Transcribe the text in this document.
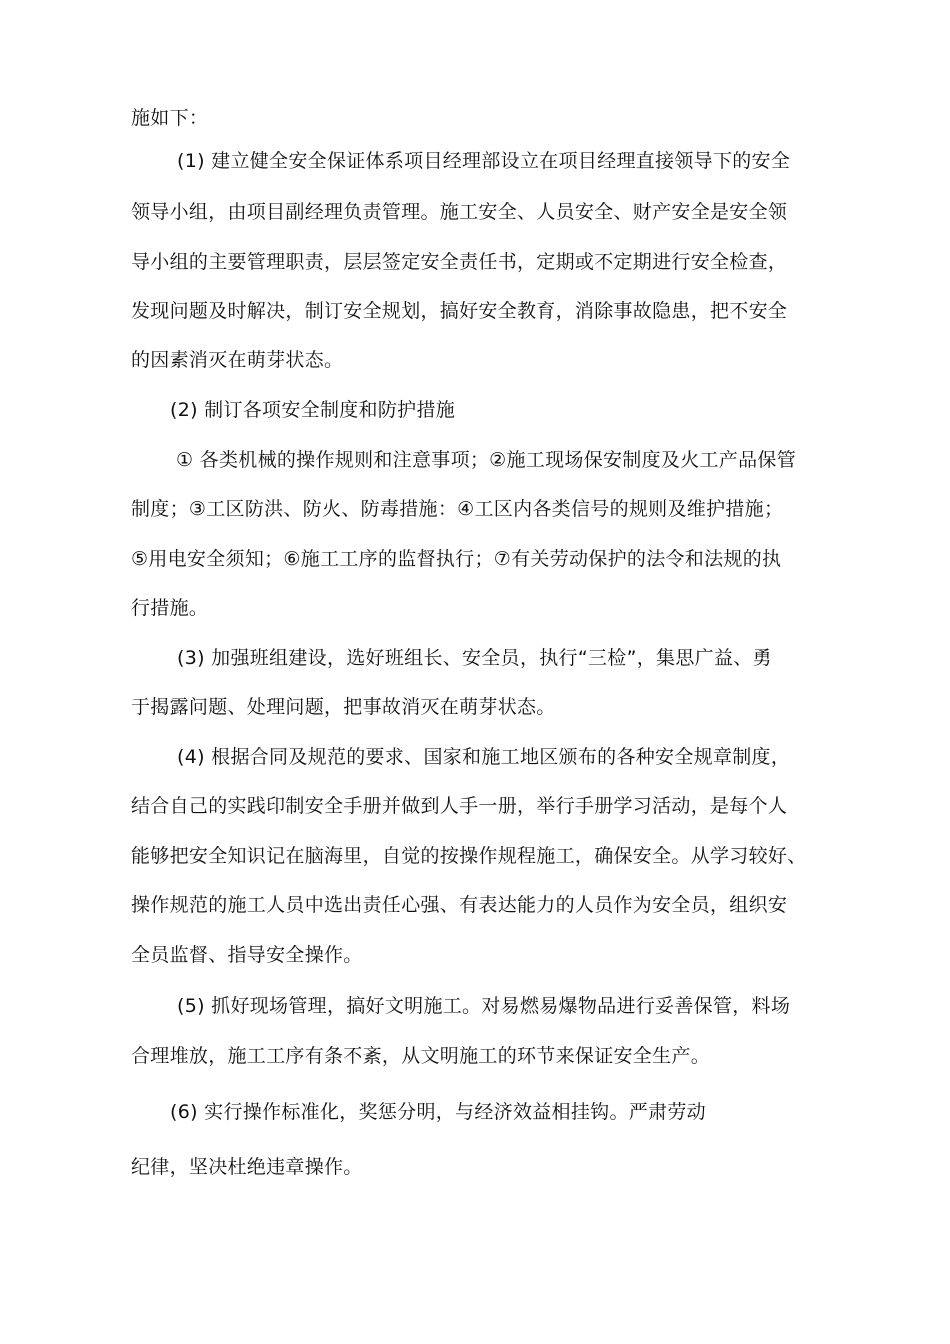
施如下：

(1) 建立健全安全保证体系项目经理部设立在项目经理直接领导下的安全

领导小组，由项目副经理负责管理。施工安全、人员安全、财产安全是安全领

导小组的主要管理职责，层层签定安全责任书，定期或不定期进行安全检查，

发现问题及时解决，制订安全规划，搞好安全教育，消除事故隐患，把不安全

的因素消灭在萌芽状态。

(2) 制订各项安全制度和防护措施

① 各类机械的操作规则和注意事项；②施工现场保安制度及火工产品保管

制度；③工区防洪、防火、防毒措施：④工区内各类信号的规则及维护措施；

⑤用电安全须知；⑥施工工序的监督执行；⑦有关劳动保护的法令和法规的执

行措施。

(3) 加强班组建设，选好班组长、安全员，执行“三检”，集思广益、勇

于揭露问题、处理问题，把事故消灭在萌芽状态。

(4) 根据合同及规范的要求、国家和施工地区颁布的各种安全规章制度，

结合自己的实践印制安全手册并做到人手一册，举行手册学习活动，是每个人

能够把安全知识记在脑海里，自觉的按操作规程施工，确保安全。从学习较好、

操作规范的施工人员中选出责任心强、有表达能力的人员作为安全员，组织安

全员监督、指导安全操作。

(5) 抓好现场管理，搞好文明施工。对易燃易爆物品进行妥善保管，料场

合理堆放，施工工序有条不紊，从文明施工的环节来保证安全生产。

(6) 实行操作标准化，奖惩分明，与经济效益相挂钩。严肃劳动

纪律，坚决杜绝违章操作。
